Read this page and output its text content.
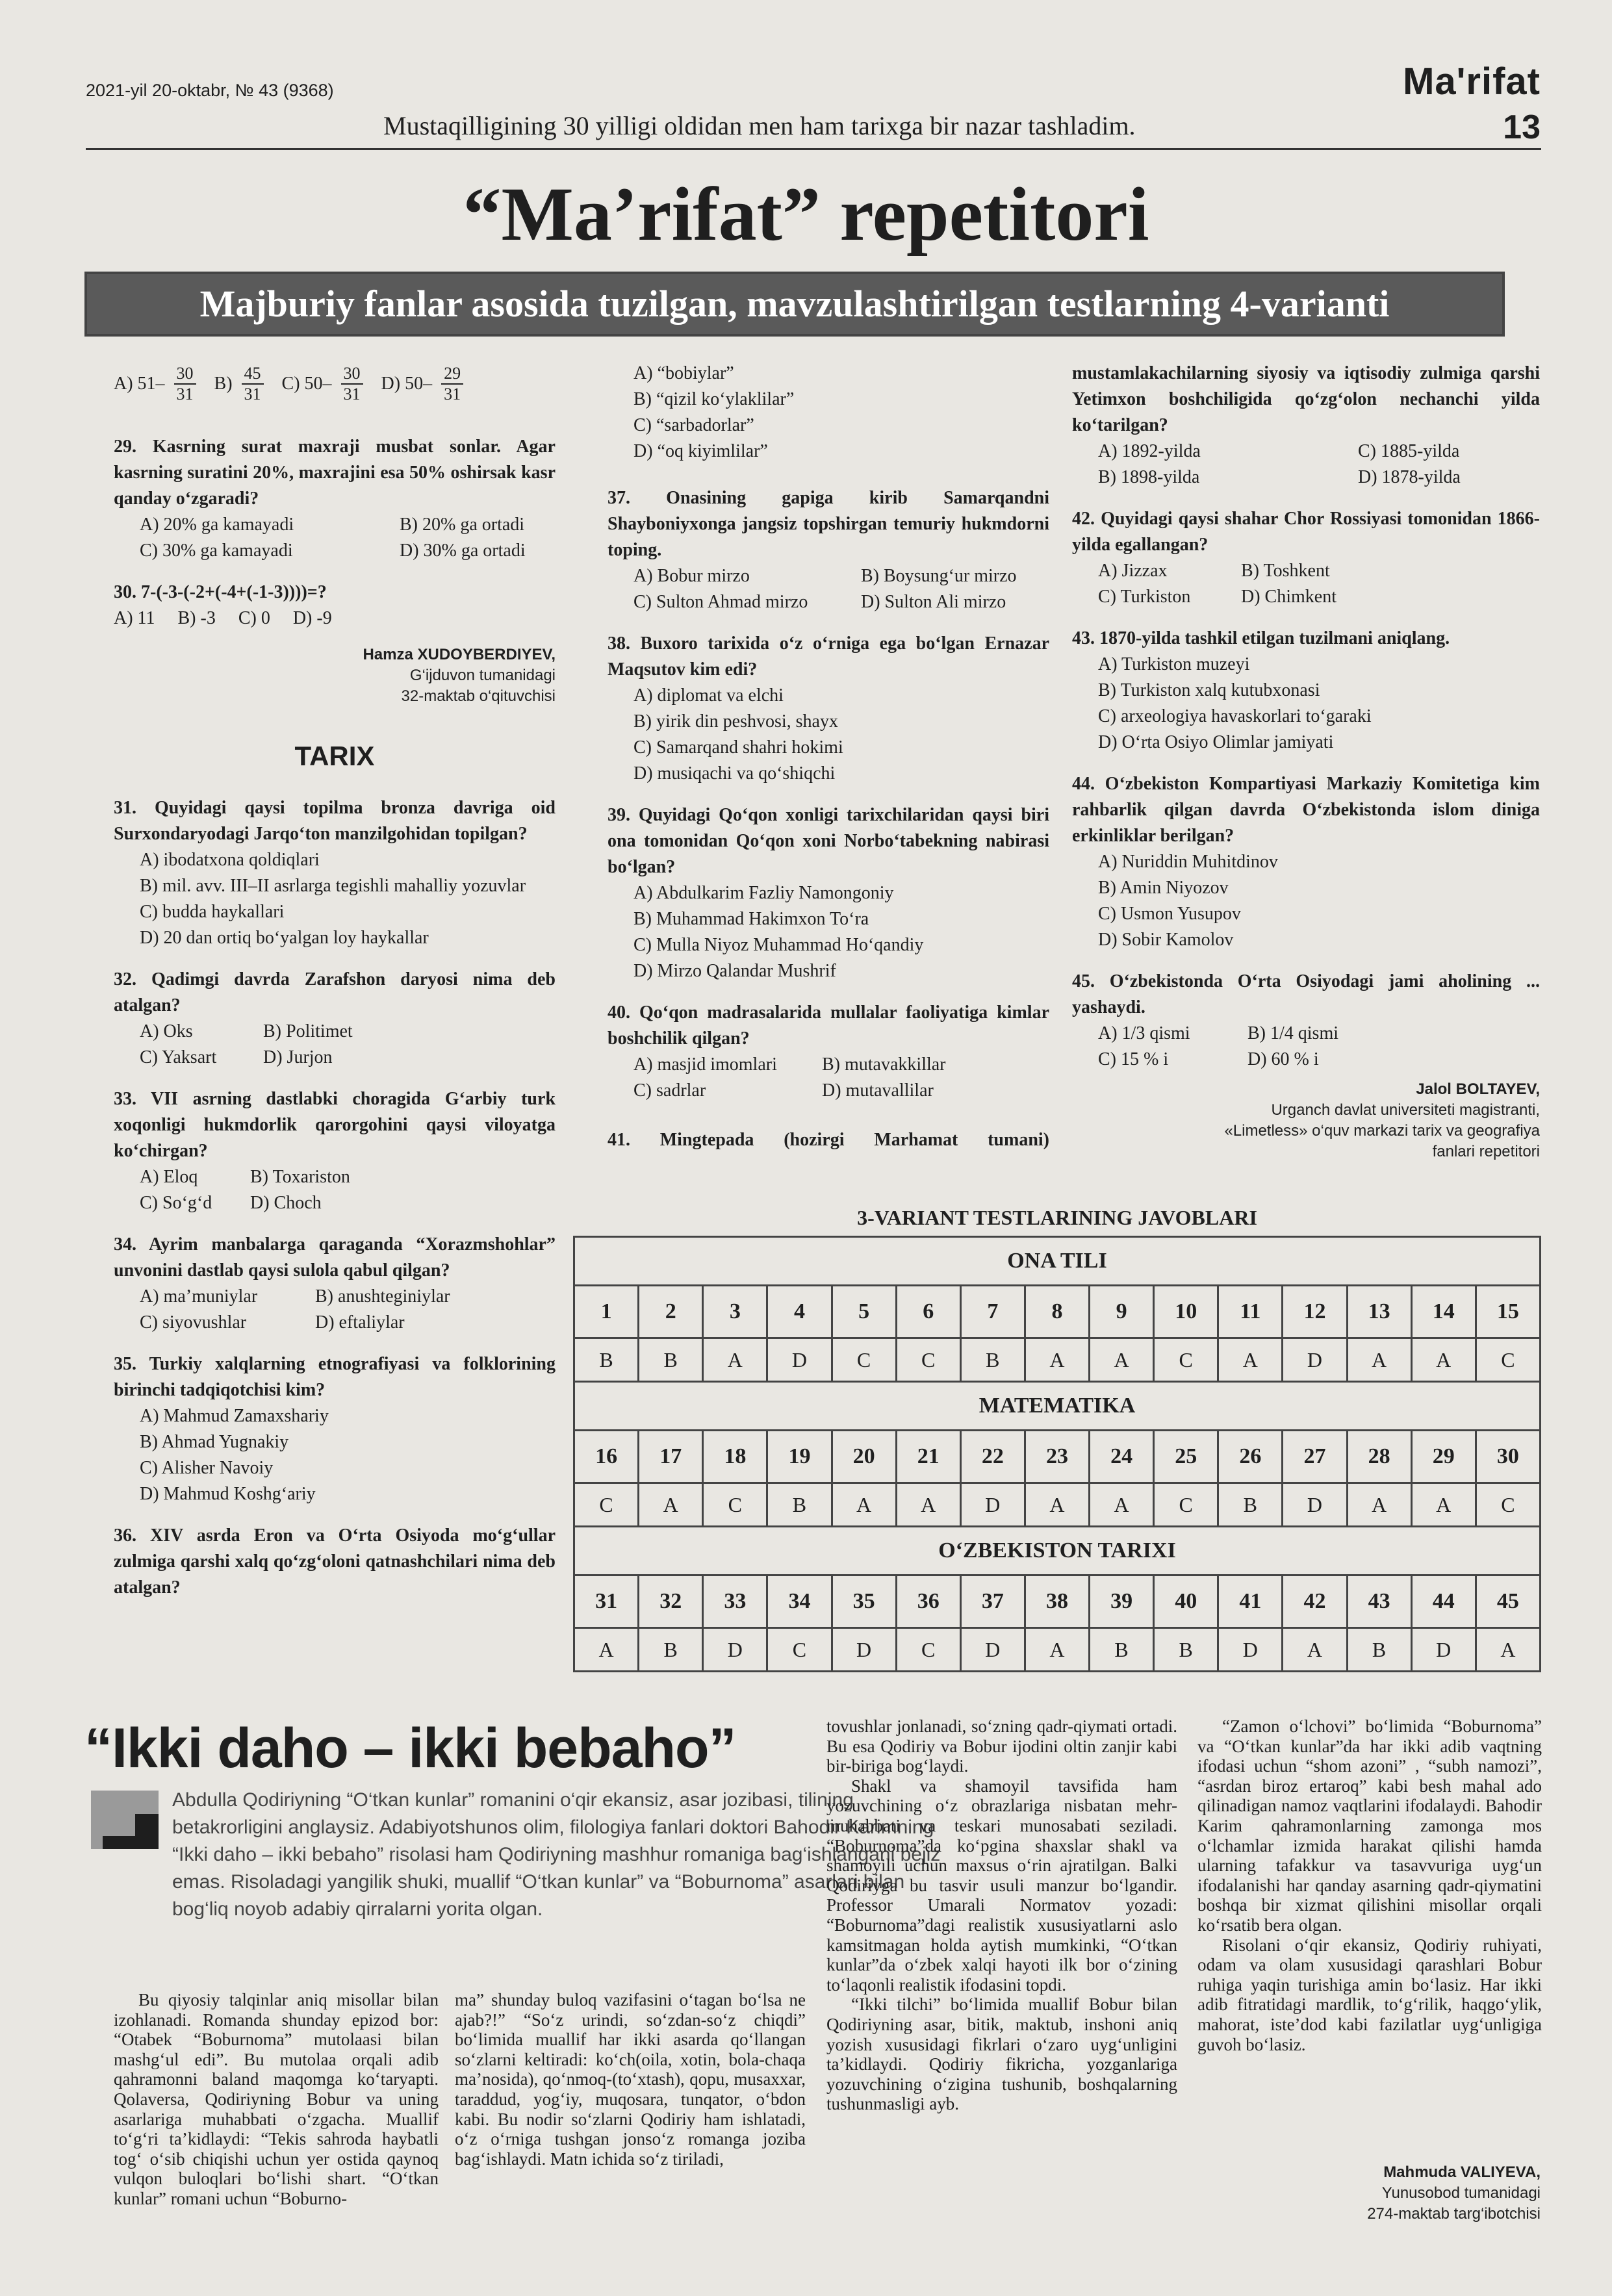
2021-yil 20-oktabr, № 43 (9368)	Ma'rifat
Mustaqilligining 30 yilligi oldidan men ham tarixga bir nazar tashladim.	13
“Ma’rifat” repetitori
Majburiy fanlar asosida tuzilgan, mavzulashtirilgan testlarning 4-varianti

A) $51- \frac{30}{31} B) \frac{45}{31} C$) $50- \frac{30}{31} D$) $50- \frac{29}{31}$

29. Kasrning surat maxraji musbat sonlar. Agar kasrning suratini 20%, maxrajini esa 50% oshirsak kasr qanday o‘zgaradi?

A) 20% ga kamayadi	B) 20% ga ortadi
C) 30% ga kamayadi	D) 30% ga ortadi

30. 7-(-3-(-2+(-4+(-1-3))))=?

A) 11     B) -3     C) 0     D) -9

Hamza XUDOYBERDIYEV,
G‘ijduvon tumanidagi
32-maktab o‘qituvchisi

TARIX

31. Quyidagi qaysi topilma bronza davriga oid Surxondaryodagi Jarqo‘ton manzilgohidan topilgan?

A) ibodatxona qoldiqlari

B) mil. avv. III–II asrlarga tegishli mahalliy yozuvlar

C) budda haykallari

D) 20 dan ortiq bo‘yalgan loy haykallar

32. Qadimgi davrda Zarafshon daryosi nima deb atalgan?

A) Oks	B) Politimet
C) Yaksart	D) Jurjon

33. VII asrning dastlabki choragida G‘arbiy turk xoqonligi hukmdorlik qarorgohini qaysi viloyatga ko‘chirgan?

A) Eloq	B) Toxariston
C) So‘g‘d	D) Choch

34. Ayrim manbalarga qaraganda “Xorazmshohlar” unvonini dastlab qaysi sulola qabul qilgan?

A) ma’muniylar	B) anushteginiylar
C) siyovushlar	D) eftaliylar

35. Turkiy xalqlarning etnografiyasi va folklorining birinchi tadqiqotchisi kim?

A) Mahmud Zamaxshariy

B) Ahmad Yugnakiy

C) Alisher Navoiy

D) Mahmud Koshg‘ariy

36. XIV asrda Eron va O‘rta Osiyoda mo‘g‘ullar zulmiga qarshi xalq qo‘zg‘oloni qatnashchilari nima deb atalgan?

A) “bobiylar”

B) “qizil ko‘ylaklilar”

C) “sarbadorlar”

D) “oq kiyimlilar”

37. Onasining gapiga kirib Samarqandni Shayboniyxonga jangsiz topshirgan temuriy hukmdorni toping.

A) Bobur mirzo	B) Boysung‘ur mirzo
C) Sulton Ahmad mirzo	D) Sulton Ali mirzo

38. Buxoro tarixida o‘z o‘rniga ega bo‘lgan Ernazar Maqsutov kim edi?

A) diplomat va elchi

B) yirik din peshvosi, shayx

C) Samarqand shahri hokimi

D) musiqachi va qo‘shiqchi

39. Quyidagi Qo‘qon xonligi tarixchilaridan qaysi biri ona tomonidan Qo‘qon xoni Norbo‘tabekning nabirasi bo‘lgan?

A) Abdulkarim Fazliy Namongoniy

B) Muhammad Hakimxon To‘ra

C) Mulla Niyoz Muhammad Ho‘qandiy

D) Mirzo Qalandar Mushrif

40. Qo‘qon madrasalarida mullalar faoliyatiga kimlar boshchilik qilgan?

A) masjid imomlari	B) mutavakkillar
C) sadrlar	D) mutavallilar

41. Mingtepada (hozirgi Marhamat tumani)

mustamlakachilarning siyosiy va iqtisodiy zulmiga qarshi Yetimxon boshchiligida qo‘zg‘olon nechanchi yilda ko‘tarilgan?

A) 1892-yilda	C) 1885-yilda
B) 1898-yilda	D) 1878-yilda

42. Quyidagi qaysi shahar Chor Rossiyasi tomonidan 1866-yilda egallangan?

A) Jizzax	B) Toshkent
C) Turkiston	D) Chimkent

43. 1870-yilda tashkil etilgan tuzilmani aniqlang.

A) Turkiston muzeyi

B) Turkiston xalq kutubxonasi

C) arxeologiya havaskorlari to‘garaki

D) O‘rta Osiyo Olimlar jamiyati

44. O‘zbekiston Kompartiyasi Markaziy Komitetiga kim rahbarlik qilgan davrda O‘zbekistonda islom diniga erkinliklar berilgan?

A) Nuriddin Muhitdinov

B) Amin Niyozov

C) Usmon Yusupov

D) Sobir Kamolov

45. O‘zbekistonda O‘rta Osiyodagi jami aholining ... yashaydi.

A) 1/3 qismi	B) 1/4 qismi
C) 15 % i	D) 60 % i
Jalol BOLTAYEV,
Urganch davlat universiteti magistranti,
«Limetless» o‘quv markazi tarix va geografiya
fanlari repetitori
3-VARIANT TESTLARINING JAVOBLARI
ONA TILI														
1	2	3	4	5	6	7	8	9	10	11	12	13	14	15
B	B	A	D	C	C	B	A	A	C	A	D	A	A	C
MATEMATIKA														
16	17	18	19	20	21	22	23	24	25	26	27	28	29	30
C	A	C	B	A	A	D	A	A	C	B	D	A	A	C
O‘ZBEKISTON TARIXI														
31	32	33	34	35	36	37	38	39	40	41	42	43	44	45
A	B	D	C	D	C	D	A	B	B	D	A	B	D	A
“Ikki daho – ikki bebaho”
Abdulla Qodiriyning “O‘tkan kunlar” romanini o‘qir ekansiz, asar jozibasi, tilining betakrorligini anglaysiz. Adabiyotshunos olim, filologiya fanlari doktori Bahodir Karimning “Ikki daho – ikki bebaho” risolasi ham Qodiriyning mashhur romaniga bag‘ishlangani bejiz emas. Risoladagi yangilik shuki, muallif “O‘tkan kunlar” va “Boburnoma” asarlari bilan bog‘liq noyob adabiy qirralarni yorita olgan.

Bu qiyosiy talqinlar aniq misollar bilan izohlanadi. Romanda shunday epizod bor: “Otabek “Boburnoma” mutolaasi bilan mashg‘ul edi”. Bu mutolaa orqali adib qahramonni baland maqomga ko‘taryapti. Qolaversa, Qodiriyning Bobur va uning asarlariga muhabbati o‘zgacha. Muallif to‘g‘ri ta’kidlaydi: “Tekis sahroda haybatli tog‘ o‘sib chiqishi uchun yer ostida qaynoq vulqon buloqlari bo‘lishi shart. “O‘tkan kunlar” romani uchun “Boburno-

ma” shunday buloq vazifasini o‘tagan bo‘lsa ne ajab?!” “So‘z urindi, so‘zdan-so‘z chiqdi” bo‘limida muallif har ikki asarda qo‘llangan so‘zlarni keltiradi: ko‘ch(oila, xotin, bola-chaqa ma’nosida), qo‘nmoq-(to‘xtash), qopu, musaxxar, taraddud, yog‘iy, muqosara, tunqator, o‘bdon kabi. Bu nodir so‘zlarni Qodiriy ham ishlatadi, o‘z o‘rniga tushgan jonso‘z romanga jozibа bag‘ishlaydi. Matn ichida so‘z tiriladi,

tovushlar jonlanadi, so‘zning qadr-qiymati ortadi. Bu esa Qodiriy va Bobur ijodini oltin zanjir kabi bir-biriga bog‘laydi.

Shakl va shamoyil tavsifida ham yozuvchining o‘z obrazlariga nisbatan mehr-muhabbati va teskari munosabati seziladi. “Boburnoma”da ko‘pgina shaxslar shakl va shamoyili uchun maxsus o‘rin ajratilgan. Balki Qodiriyga bu tasvir usuli manzur bo‘lgandir. Professor Umarali Normatov yozadi: “Boburnoma”dagi realistik xususiyatlarni aslo kamsitmagan holda aytish mumkinki, “O‘tkan kunlar”da o‘zbek xalqi hayoti ilk bor o‘zining to‘laqonli realistik ifodasini topdi.

“Ikki tilchi” bo‘limida muallif Bobur bilan Qodiriyning asar, bitik, maktub, inshoni aniq yozish xususidagi fikrlari o‘zaro uyg‘unligini ta’kidlaydi. Qodiriy fikricha, yozganlariga yozuvchining o‘zigina tushunib, boshqalarning tushunmasligi ayb.

“Zamon o‘lchovi” bo‘limida “Boburnoma” va “O‘tkan kunlar”da har ikki adib vaqtning ifodasi uchun “shom azoni” , “subh namozi”, “asrdan biroz ertaroq” kabi besh mahal ado qilinadigan namoz vaqtlarini ifodalaydi. Bahodir Karim qahramonlarning zamonga mos o‘lchamlar izmida harakat qilishi hamda ularning tafakkur va tasavvuriga uyg‘un ifodalanishi har qanday asarning qadr-qiymatini boshqa bir xizmat qilishini misollar orqali ko‘rsatib bera olgan.

Risolani o‘qir ekansiz, Qodiriy ruhiyati, odam va olam xususidagi qarashlari Bobur ruhiga yaqin turishiga amin bo‘lasiz. Har ikki adib fitratidagi mardlik, to‘g‘rilik, haqgo‘ylik, mahorat, iste’dod kabi fazilatlar uyg‘unligiga guvoh bo‘lasiz.

Mahmuda VALIYEVA,
Yunusobod tumanidagi
274-maktab targ‘ibotchisi
